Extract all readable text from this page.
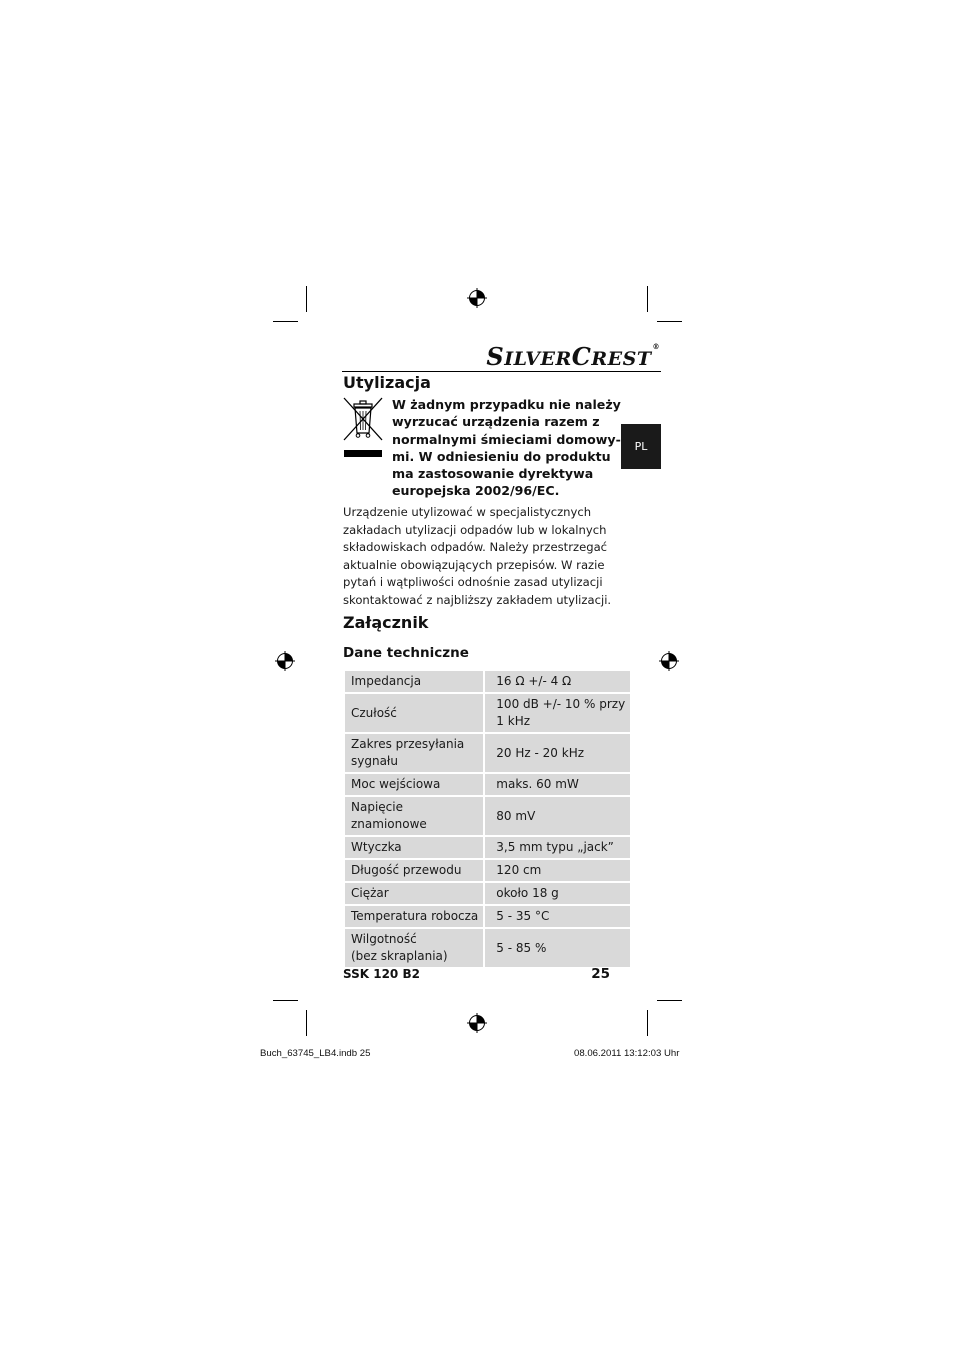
SILVERCREST®
PL
Utylizacja
W żadnym przypadku nie należy
wyrzucać urządzenia razem z
normalnymi śmieciami domowy-
mi. W odniesieniu do produktu
ma zastosowanie dyrektywa
europejska 2002/96/EC.
Urządzenie utylizować w specjalistycznych
zakładach utylizacji odpadów lub w lokalnych
składowiskach odpadów. Należy przestrzegać
aktualnie obowiązujących przepisów. W razie
pytań i wątpliwości odnośnie zasad utylizacji
skontaktować z najbliższy zakładem utylizacji.
Załącznik
Dane techniczne
Impedancja	16 Ω +/- 4 Ω

Czułość	100 dB +/- 10 % przy
1 kHz

Zakres przesyłania
sygnału	20 Hz - 20 kHz

Moc wejściowa	maks. 60 mW

Napięcie
znamionowe	80 mV

Wtyczka	3,5 mm typu „jack”

Długość przewodu	120 cm

Ciężar	około 18 g

Temperatura robocza	5 - 35 °C

Wilgotność
(bez skraplania)	5 - 85 %
SSK 120 B2	25
Buch_63745_LB4.indb 25	08.06.2011 13:12:03 Uhr
